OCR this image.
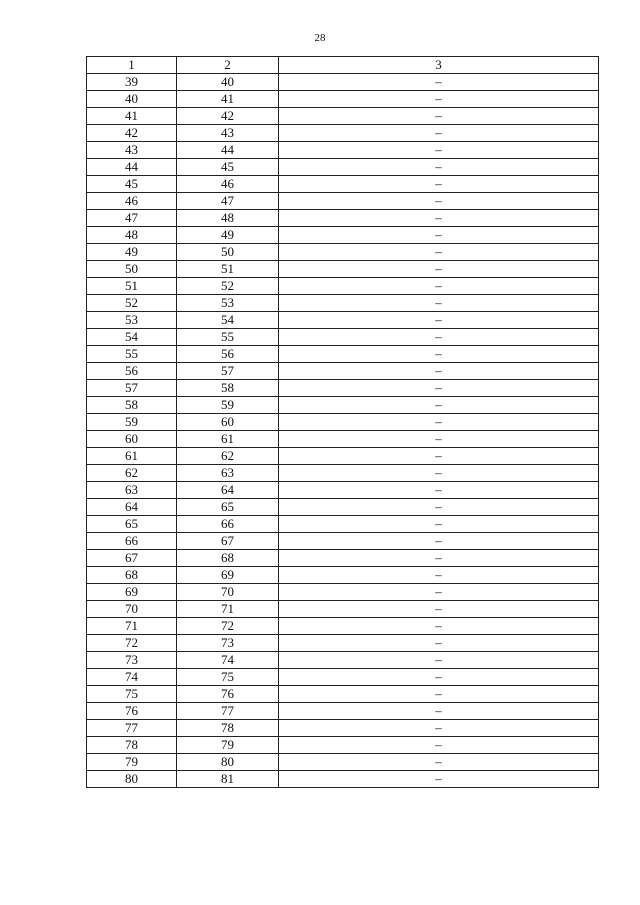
28
1	2	3
39	40	–
40	41	–
41	42	–
42	43	–
43	44	–
44	45	–
45	46	–
46	47	–
47	48	–
48	49	–
49	50	–
50	51	–
51	52	–
52	53	–
53	54	–
54	55	–
55	56	–
56	57	–
57	58	–
58	59	–
59	60	–
60	61	–
61	62	–
62	63	–
63	64	–
64	65	–
65	66	–
66	67	–
67	68	–
68	69	–
69	70	–
70	71	–
71	72	–
72	73	–
73	74	–
74	75	–
75	76	–
76	77	–
77	78	–
78	79	–
79	80	–
80	81	–
